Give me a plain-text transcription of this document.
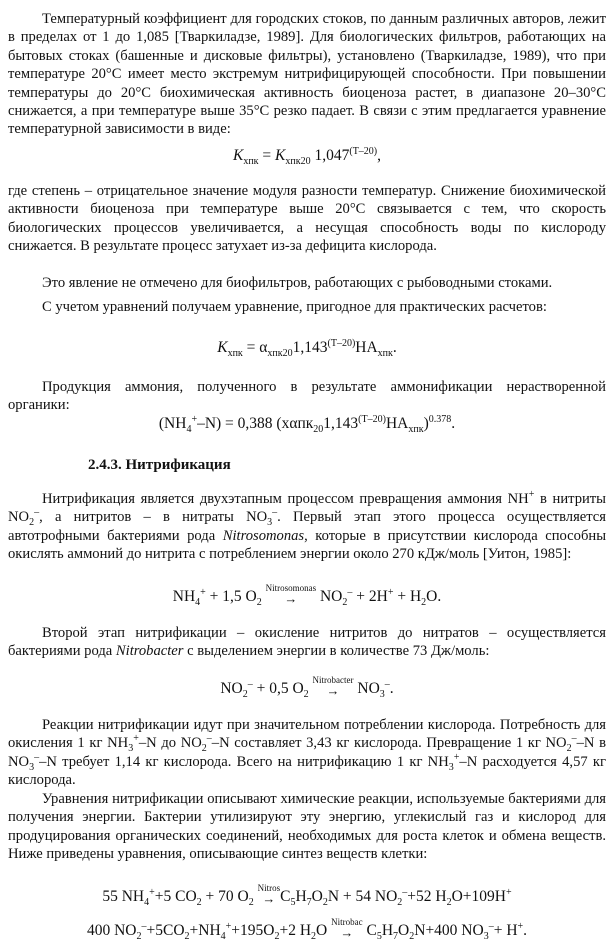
Температурный коэффициент для городских стоков, по данным различных авторов, лежит в пределах от 1 до 1,085 [Тваркиладзе, 1989]. Для биологических фильтров, работающих на бытовых стоках (башенные и дисковые фильтры), установлено (Тваркиладзе, 1989), что при температуре 20°С имеет место экстремум нитрифицирующей способности. При повышении температуры до 20°С биохимическая активность биоценоза растет, в диапазоне 20–30°С снижается, а при температуре выше 35°С резко падает. В связи с этим предлагается уравнение температурной зависимости в виде:

$K_{хпк} = K_{хпк20}$ $1,047^{(T-20)}$,

где степень – отрицательное значение модуля разности температур. Снижение биохимической активности биоценоза при температуре выше 20°С связывается с тем, что скорость биологических процессов увеличивается, а несущая способность воды по кислороду снижается. В результате процесс затухает из-за дефицита кислорода.

Это явление не отмечено для биофильтров, работающих с рыбоводными стоками.

С учетом уравнений получаем уравнение, пригодное для практических расчетов:

$K_{хпк} = \alpha_{хпк20}1,143^{(T-20)}НА_{хпк}$.

Продукция аммония, полученного в результате аммонификации нерастворенной органики:

$(NH_4^+-N) = 0,388$ $(х\alpha пк_{20}1,143^{(T-20)}НА_{хпк})^{0.378}$.
2.4.3. Нитрификация

Нитрификация является двухэтапным процессом превращения аммония NH+ в нитриты $NO_2^-$, а нитритов – в нитраты $NO_3^-$. Первый этап этого процесса осуществляется автотрофными бактериями рода Nitrosomonas, которые в присутствии кислорода способны окислять аммоний до нитрита с потреблением энергии около 270 кДж/моль [Уитон, 1985]:

$NH_4^+ + 1,5$ $O_2$
Nitrosomonas
→	$NO_2^- + 2H^+ + H_2O$.

Второй этап нитрификации – окисление нитритов до нитратов – осуществляется бактериями рода Nitrobacter с выделением энергии в количестве 73 Дж/моль:

$NO_2^- + 0,5$ $O_2$
Nitrobacter
→	$NO_3^-$.

Реакции нитрификации идут при значительном потреблении кислорода. Потребность для окисления 1 кг $NH_3^+-N$ до $NO_2^--N$ составляет 3,43 кг кислорода. Превращение 1 кг $NO_2^--N$ в $NO_3^--N$ требует 1,14 кг кислорода. Всего на нитрификацию 1 кг $NH_3^+-N$ расходуется 4,57 кг кислорода.

Уравнения нитрификации описывают химические реакции, используемые бактериями для получения энергии. Бактерии утилизируют эту энергию, углекислый газ и кислород для продуцирования органических соединений, необходимых для роста клеток и обмена веществ. Ниже приведены уравнения, описывающие синтез веществ клетки:

55 $NH_4^++5$ $CO_2 + 70$ $O_2$
Nitros
→ $C_5H_7O_2N + 54$ $NO_2^-+52$ $H_2O+109H^+$
400 $NO_2^-+5CO_2+NH_4^++195O_2+2$ $H_2O$ Nitrobac
→ $C_5H_7O_2N+400$ $NO_3^-+ H^+$.
